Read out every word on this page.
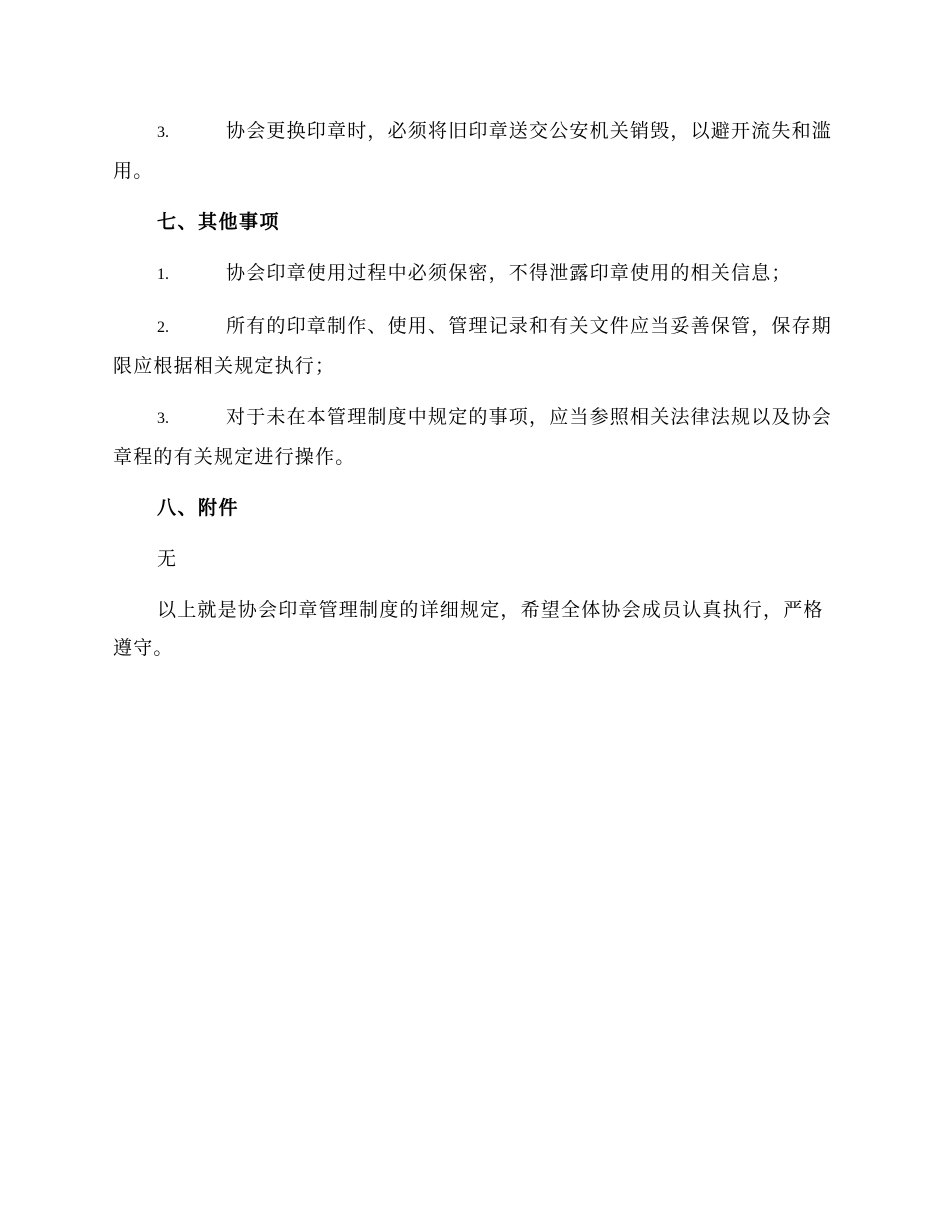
3.	协会更换印章时，必须将旧印章送交公安机关销毁，以避开流失和滥用。

七、其他事项

1.	协会印章使用过程中必须保密，不得泄露印章使用的相关信息；

2.	所有的印章制作、使用、管理记录和有关文件应当妥善保管，保存期限应根据相关规定执行；

3.	对于未在本管理制度中规定的事项，应当参照相关法律法规以及协会章程的有关规定进行操作。

八、附件

无

以上就是协会印章管理制度的详细规定，希望全体协会成员认真执行，严格遵守。
